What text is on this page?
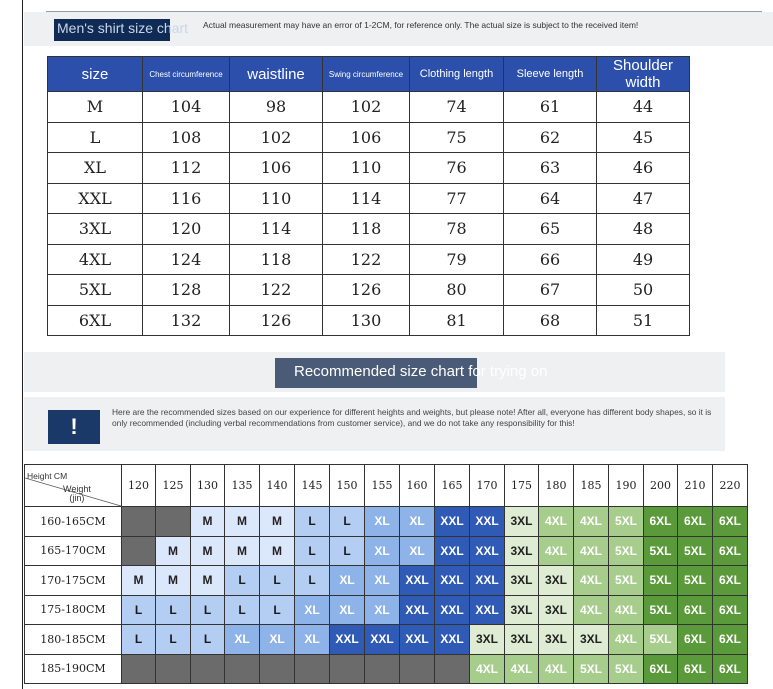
Men's shirt size chart Actual measurement may have an error of 1-2CM, for reference only. The actual size is subject to the received item!
size	Chest circumference	waistline	Swing circumference	Clothing length	Sleeve length	Shoulder width
M	104	98	102	74	61	44
L	108	102	106	75	62	45
XL	112	106	110	76	63	46
XXL	116	110	114	77	64	47
3XL	120	114	118	78	65	48
4XL	124	118	122	79	66	49
5XL	128	122	126	80	67	50
6XL	132	126	130	81	68	51
Recommended size chart for trying on
!
Here are the recommended sizes based on our experience for different heights and weights, but please note! After all, everyone has different body shapes, so it is only recommended (including verbal recommendations from customer service), and we do not take any responsibility for this!
Height CM
Weight
(jin)	120	125	130	135	140	145	150	155	160	165	170	175	180	185	190	200	210	220
160-165CM			M	M	M	L	L	XL	XL	XXL	XXL	3XL	4XL	4XL	5XL	6XL	6XL	6XL
165-170CM		M	M	M	M	L	L	XL	XL	XXL	XXL	3XL	4XL	4XL	5XL	5XL	5XL	6XL
170-175CM	M	M	M	L	L	L	XL	XL	XXL	XXL	XXL	3XL	3XL	4XL	5XL	5XL	5XL	6XL
175-180CM	L	L	L	L	L	XL	XL	XL	XXL	XXL	XXL	3XL	3XL	4XL	4XL	5XL	6XL	6XL
180-185CM	L	L	L	XL	XL	XL	XXL	XXL	XXL	XXL	3XL	3XL	3XL	3XL	4XL	5XL	6XL	6XL
185-190CM											4XL	4XL	4XL	5XL	5XL	6XL	6XL	6XL
